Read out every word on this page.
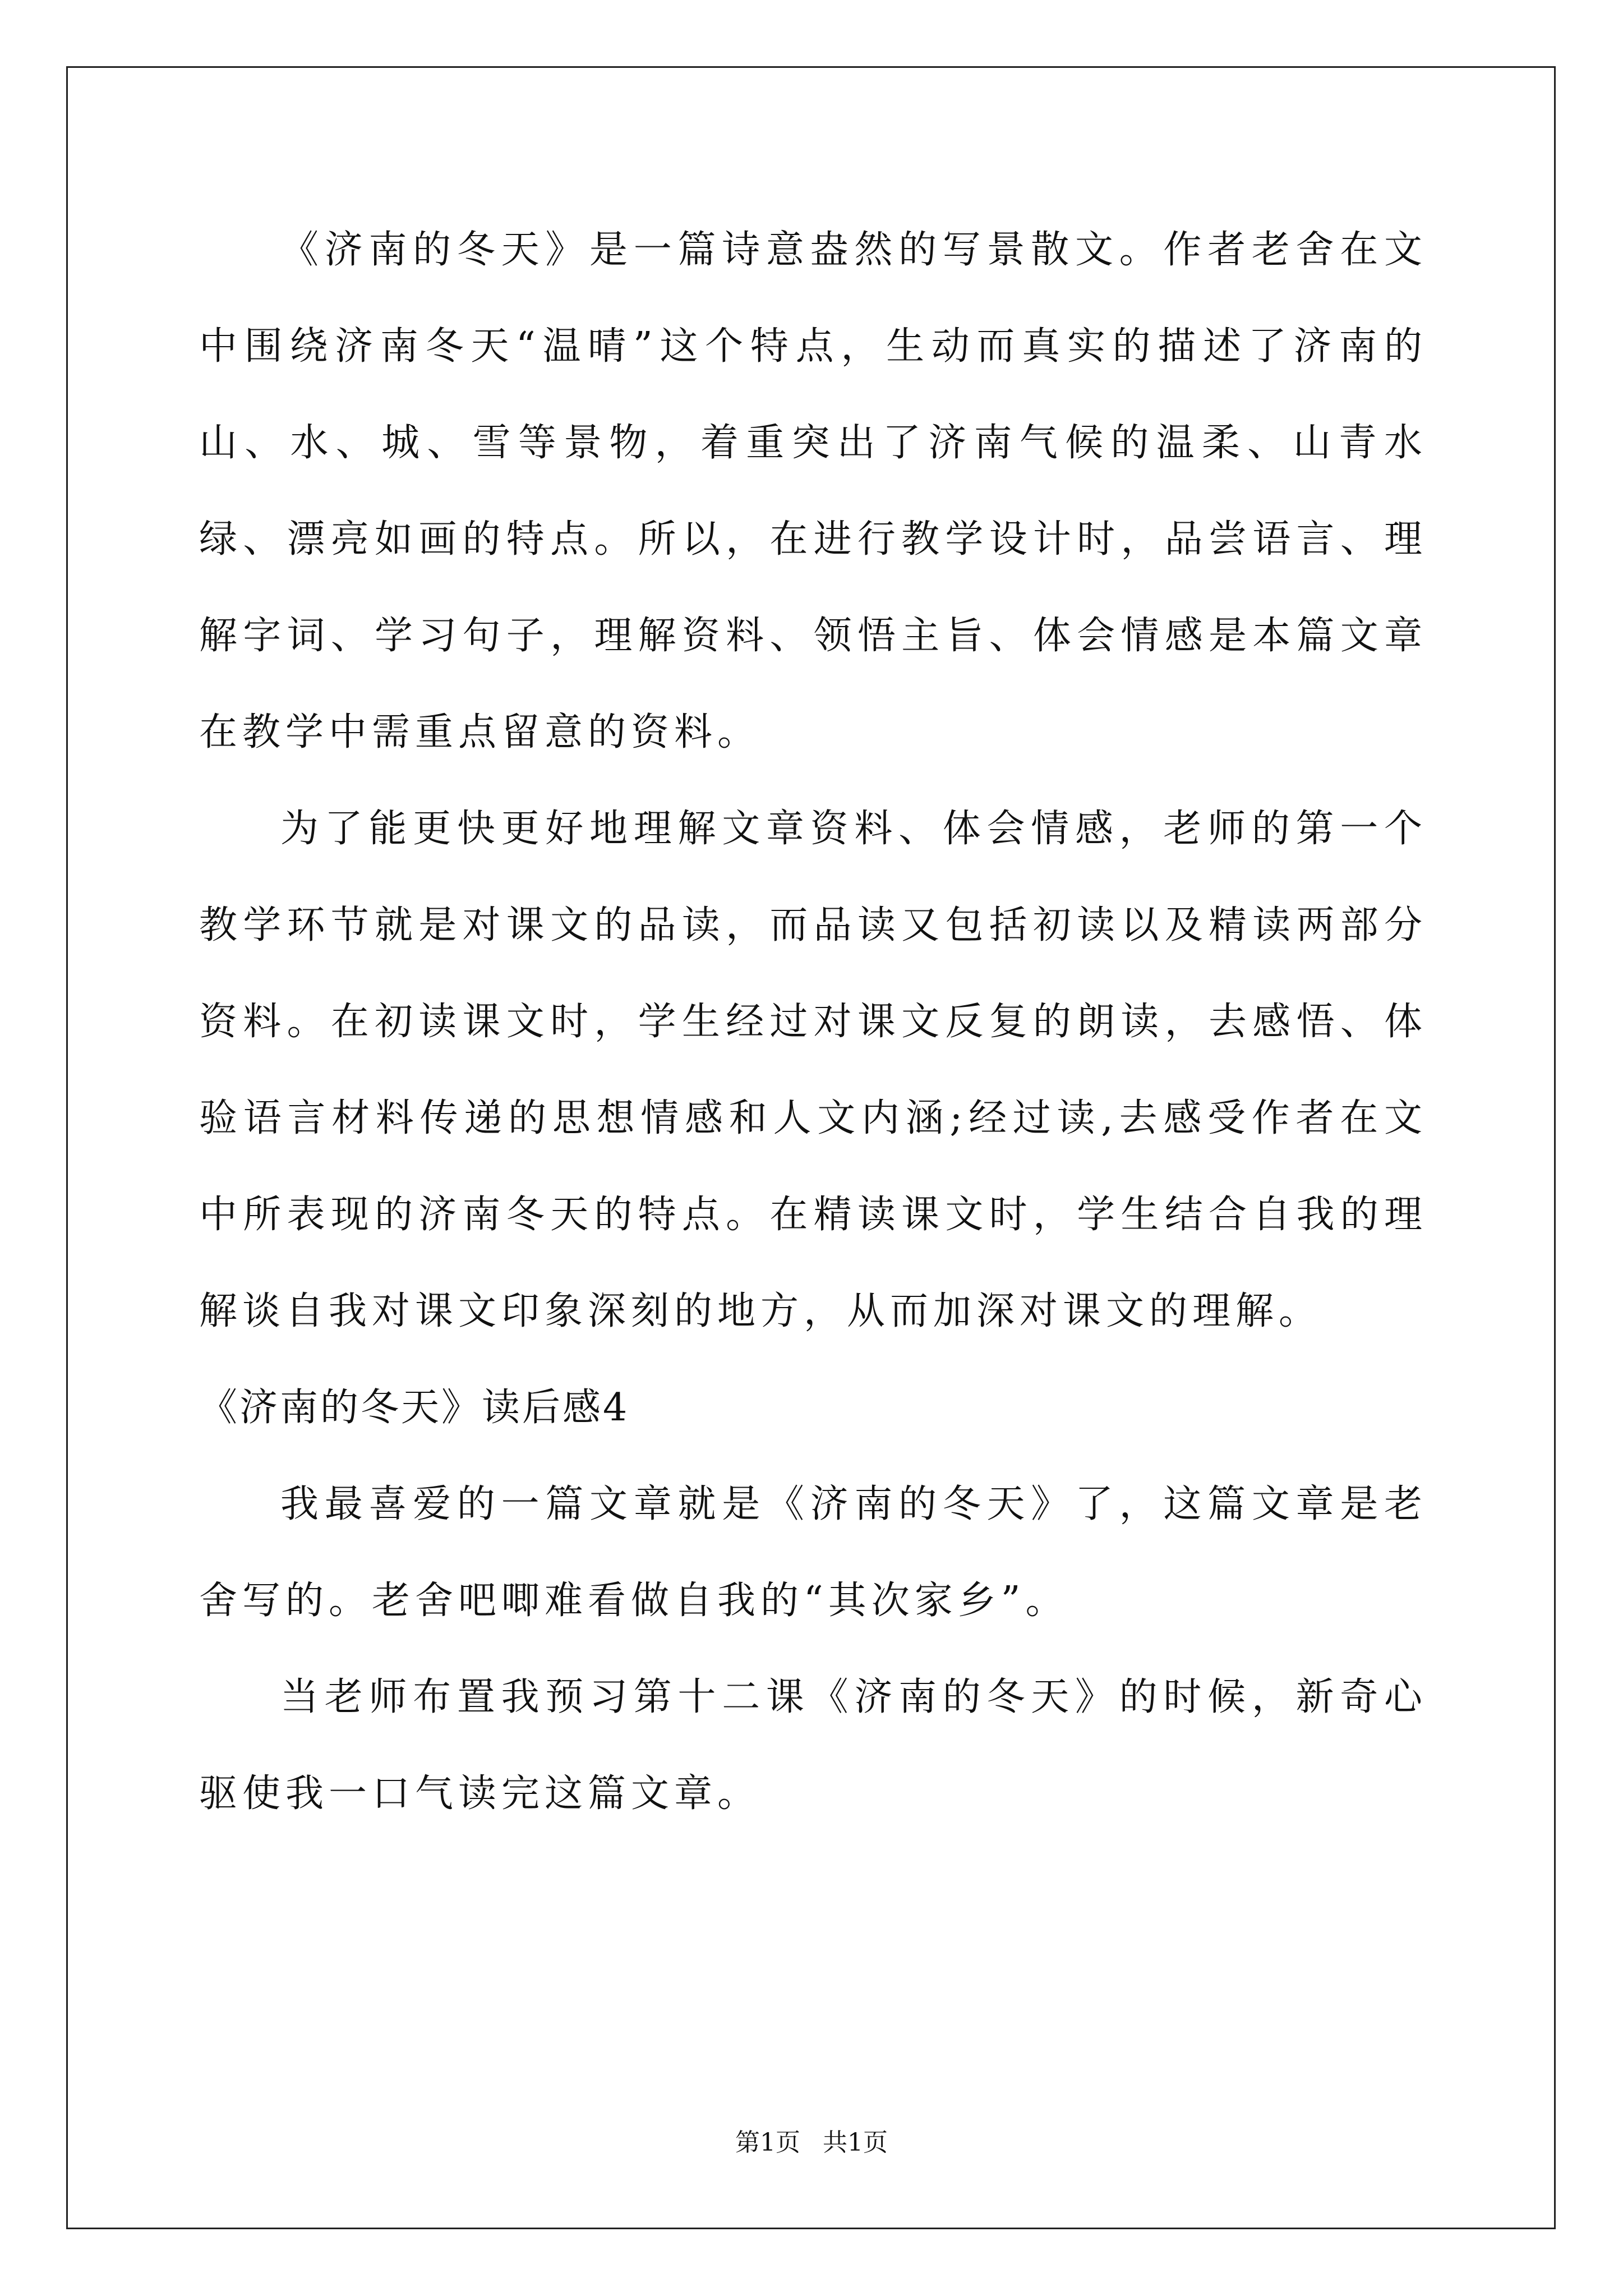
《济南的冬天》是一篇诗意盎然的写景散文。作者老舍在文中围绕济南冬天“温晴”这个特点，生动而真实的描述了济南的山、水、城、雪等景物，着重突出了济南气候的温柔、山青水绿、漂亮如画的特点。所以，在进行教学设计时，品尝语言、理解字词、学习句子，理解资料、领悟主旨、体会情感是本篇文章在教学中需重点留意的资料。

为了能更快更好地理解文章资料、体会情感，老师的第一个教学环节就是对课文的品读，而品读又包括初读以及精读两部分资料。在初读课文时，学生经过对课文反复的朗读，去感悟、体验语言材料传递的思想情感和人文内涵;经过读,去感受作者在文中所表现的济南冬天的特点。在精读课文时，学生结合自我的理解谈自我对课文印象深刻的地方，从而加深对课文的理解。

《济南的冬天》读后感4

我最喜爱的一篇文章就是《济南的冬天》了，这篇文章是老舍写的。老舍吧唧难看做自我的“其次家乡”。

当老师布置我预习第十二课《济南的冬天》的时候，新奇心驱使我一口气读完这篇文章。

第1页 共1页
